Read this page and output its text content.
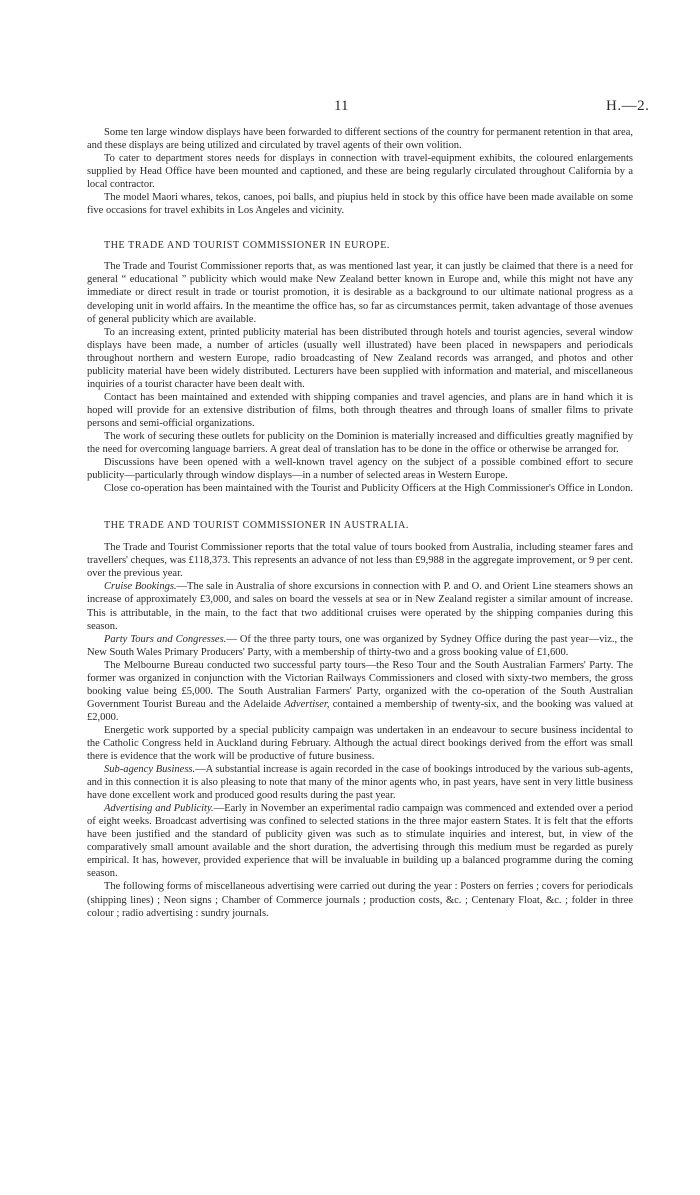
11	H.—2.

Some ten large window displays have been forwarded to different sections of the country for permanent retention in that area, and these displays are being utilized and circulated by travel agents of their own volition.

To cater to department stores needs for displays in connection with travel-equipment exhibits, the coloured enlargements supplied by Head Office have been mounted and captioned, and these are being regularly circulated throughout California by a local contractor.

The model Maori whares, tekos, canoes, poi balls, and piupius held in stock by this office have been made available on some five occasions for travel exhibits in Los Angeles and vicinity.

THE TRADE AND TOURIST COMMISSIONER IN EUROPE.

The Trade and Tourist Commissioner reports that, as was mentioned last year, it can justly be claimed that there is a need for general “ educational ” publicity which would make New Zealand better known in Europe and, while this might not have any immediate or direct result in trade or tourist promotion, it is desirable as a background to our ultimate national progress as a developing unit in world affairs. In the meantime the office has, so far as circumstances permit, taken advantage of those avenues of general publicity which are available.

To an increasing extent, printed publicity material has been distributed through hotels and tourist agencies, several window displays have been made, a number of articles (usually well illustrated) have been placed in newspapers and periodicals throughout northern and western Europe, radio broadcasting of New Zealand records was arranged, and photos and other publicity material have been widely distributed. Lecturers have been supplied with information and material, and miscellaneous inquiries of a tourist character have been dealt with.

Contact has been maintained and extended with shipping companies and travel agencies, and plans are in hand which it is hoped will provide for an extensive distribution of films, both through theatres and through loans of smaller films to private persons and semi-official organizations.

The work of securing these outlets for publicity on the Dominion is materially increased and difficulties greatly magnified by the need for overcoming language barriers. A great deal of translation has to be done in the office or otherwise be arranged for.

Discussions have been opened with a well-known travel agency on the subject of a possible combined effort to secure publicity—particularly through window displays—in a number of selected areas in Western Europe.

Close co-operation has been maintained with the Tourist and Publicity Officers at the High Commissioner's Office in London.

THE TRADE AND TOURIST COMMISSIONER IN AUSTRALIA.

The Trade and Tourist Commissioner reports that the total value of tours booked from Australia, including steamer fares and travellers' cheques, was £118,373. This represents an advance of not less than £9,988 in the aggregate improvement, or 9 per cent. over the previous year.

Cruise Bookings.—The sale in Australia of shore excursions in connection with P. and O. and Orient Line steamers shows an increase of approximately £3,000, and sales on board the vessels at sea or in New Zealand register a similar amount of increase. This is attributable, in the main, to the fact that two additional cruises were operated by the shipping companies during this season.

Party Tours and Congresses.— Of the three party tours, one was organized by Sydney Office during the past year—viz., the New South Wales Primary Producers' Party, with a membership of thirty-two and a gross booking value of £1,600.

The Melbourne Bureau conducted two successful party tours—the Reso Tour and the South Australian Farmers' Party. The former was organized in conjunction with the Victorian Railways Commissioners and closed with sixty-two members, the gross booking value being £5,000. The South Australian Farmers' Party, organized with the co-operation of the South Australian Government Tourist Bureau and the Adelaide Advertiser, contained a membership of twenty-six, and the booking was valued at £2,000.

Energetic work supported by a special publicity campaign was undertaken in an endeavour to secure business incidental to the Catholic Congress held in Auckland during February. Although the actual direct bookings derived from the effort was small there is evidence that the work will be productive of future business.

Sub-agency Business.—A substantial increase is again recorded in the case of bookings introduced by the various sub-agents, and in this connection it is also pleasing to note that many of the minor agents who, in past years, have sent in very little business have done excellent work and produced good results during the past year.

Advertising and Publicity.—Early in November an experimental radio campaign was commenced and extended over a period of eight weeks. Broadcast advertising was confined to selected stations in the three major eastern States. It is felt that the efforts have been justified and the standard of publicity given was such as to stimulate inquiries and interest, but, in view of the comparatively small amount available and the short duration, the advertising through this medium must be regarded as purely empirical. It has, however, provided experience that will be invaluable in building up a balanced programme during the coming season.

The following forms of miscellaneous advertising were carried out during the year : Posters on ferries ; covers for periodicals (shipping lines) ; Neon signs ; Chamber of Commerce journals ; production costs, &c. ; Centenary Float, &c. ; folder in three colour ; radio advertising : sundry journals.
